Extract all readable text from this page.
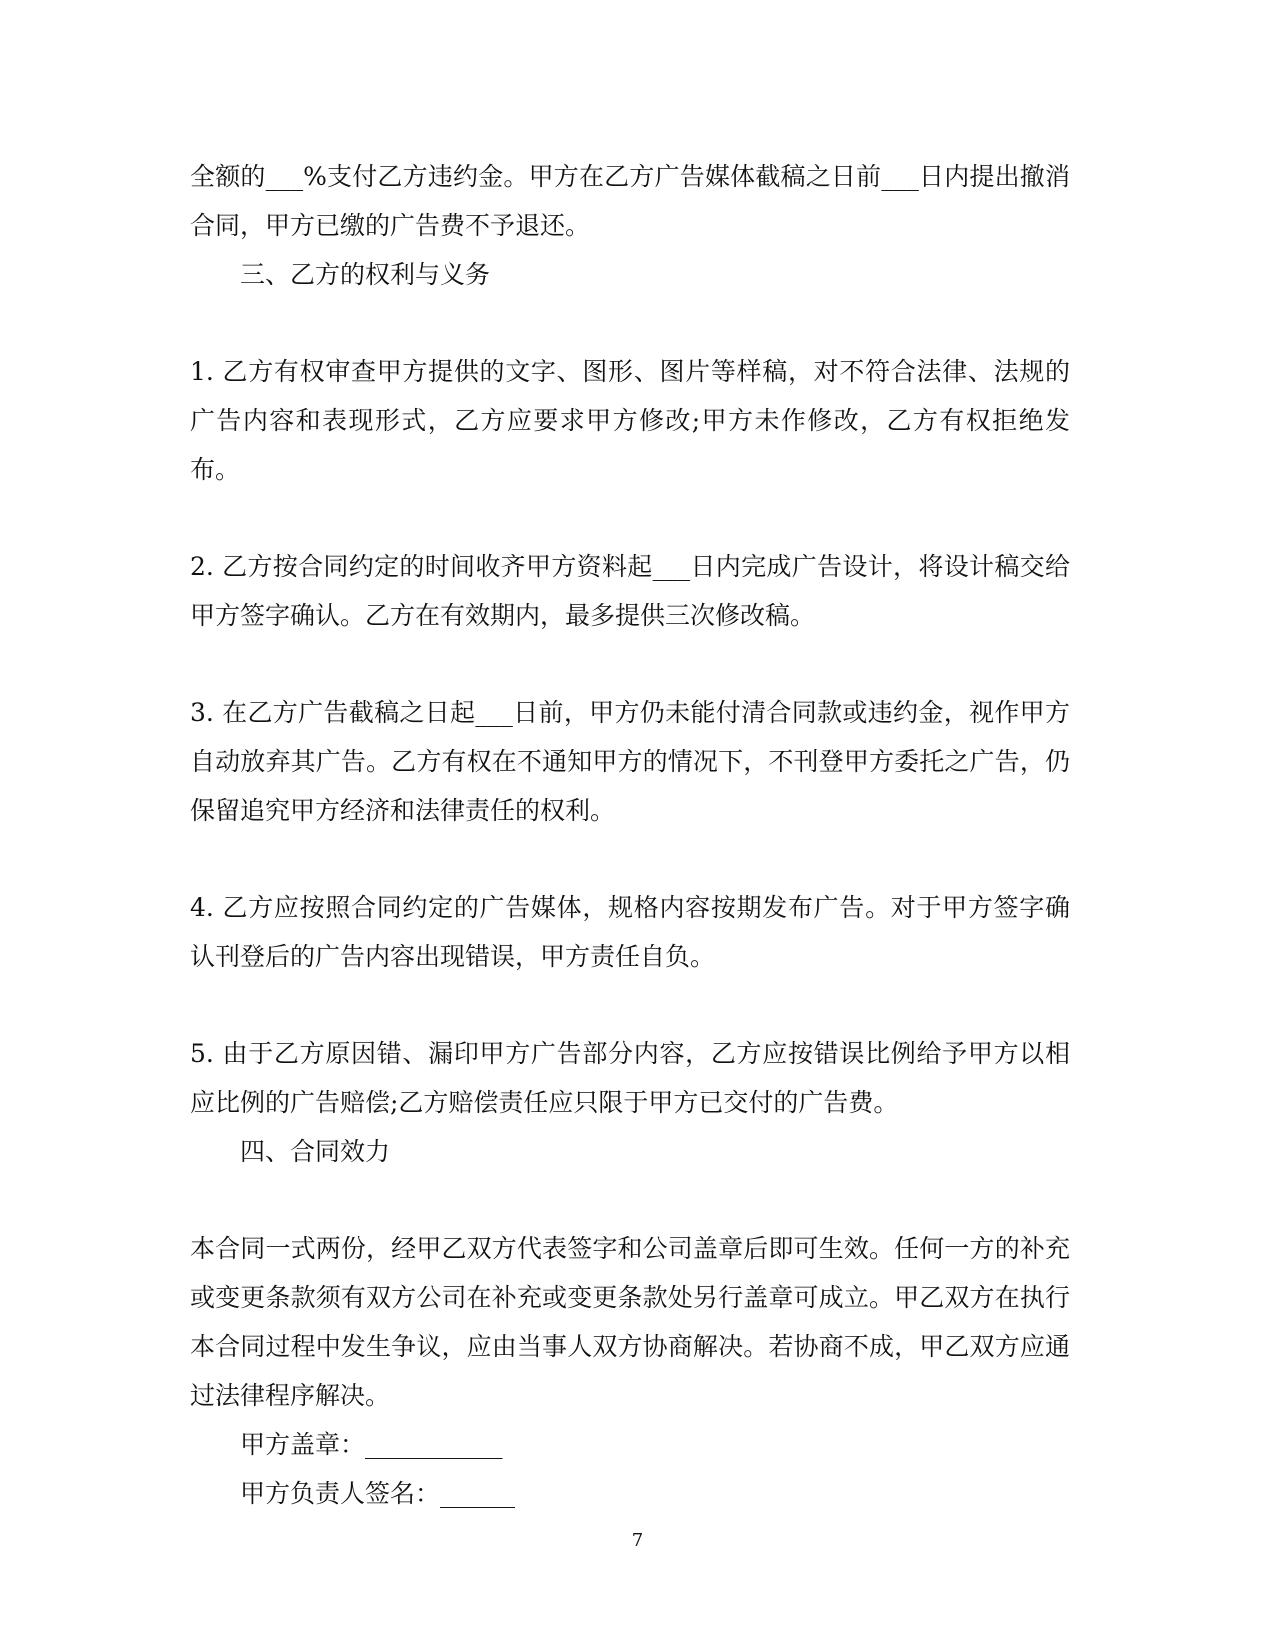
全额的___%支付乙方违约金。甲方在乙方广告媒体截稿之日前___日内提出撤消合同，甲方已缴的广告费不予退还。

三、乙方的权利与义务

1. 乙方有权审查甲方提供的文字、图形、图片等样稿，对不符合法律、法规的广告内容和表现形式，乙方应要求甲方修改;甲方未作修改，乙方有权拒绝发布。

2. 乙方按合同约定的时间收齐甲方资料起___日内完成广告设计，将设计稿交给甲方签字确认。乙方在有效期内，最多提供三次修改稿。

3. 在乙方广告截稿之日起___日前，甲方仍未能付清合同款或违约金，视作甲方自动放弃其广告。乙方有权在不通知甲方的情况下，不刊登甲方委托之广告，仍保留追究甲方经济和法律责任的权利。

4. 乙方应按照合同约定的广告媒体，规格内容按期发布广告。对于甲方签字确认刊登后的广告内容出现错误，甲方责任自负。

5. 由于乙方原因错、漏印甲方广告部分内容，乙方应按错误比例给予甲方以相应比例的广告赔偿;乙方赔偿责任应只限于甲方已交付的广告费。

四、合同效力

本合同一式两份，经甲乙双方代表签字和公司盖章后即可生效。任何一方的补充或变更条款须有双方公司在补充或变更条款处另行盖章可成立。甲乙双方在执行本合同过程中发生争议，应由当事人双方协商解决。若协商不成，甲乙双方应通过法律程序解决。

甲方盖章：___________

甲方负责人签名：______

7
